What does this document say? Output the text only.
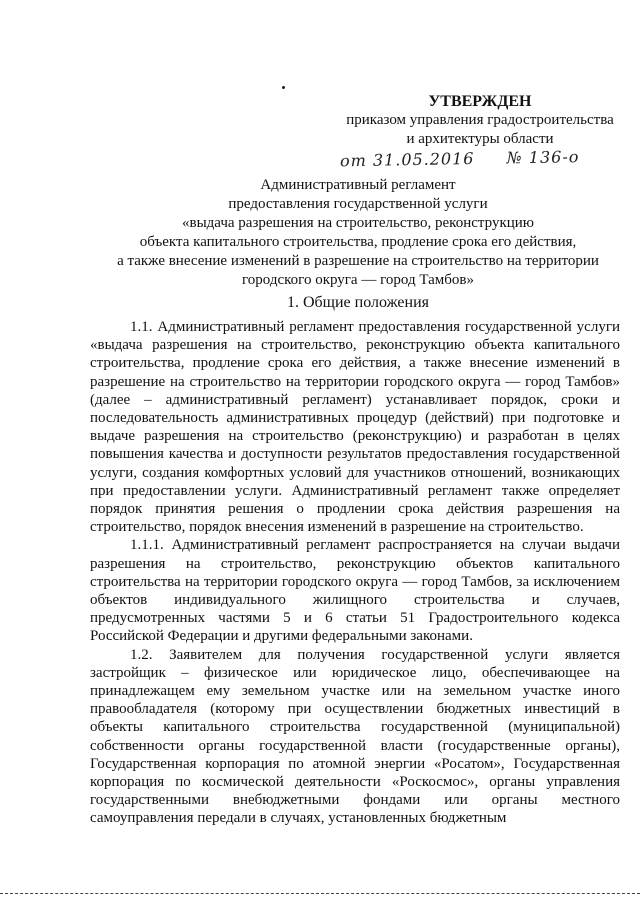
УТВЕРЖДЕН
приказом управления градостроительства
и архитектуры области
от 31.05.2016 № 136-о
Административный регламент
предоставления государственной услуги
«выдача разрешения на строительство, реконструкцию
объекта капитального строительства, продление срока его действия,
а также внесение изменений в разрешение на строительство на территории
городского округа — город Тамбов»
1. Общие положения

1.1. Административный регламент предоставления государственной услуги «выдача разрешения на строительство, реконструкцию объекта капитального строительства, продление срока его действия, а также внесение изменений в разрешение на строительство на территории городского округа — город Тамбов» (далее – административный регламент) устанавливает порядок, сроки и последовательность административных процедур (действий) при подготовке и выдаче разрешения на строительство (реконструкцию) и разработан в целях повышения качества и доступности результатов предоставления государственной услуги, создания комфортных условий для участников отношений, возникающих при предоставлении услуги. Административный регламент также определяет порядок принятия решения о продлении срока действия разрешения на строительство, порядок внесения изменений в разрешение на строительство.

1.1.1. Административный регламент распространяется на случаи выдачи разрешения на строительство, реконструкцию объектов капитального строительства на территории городского округа — город Тамбов, за исключением объектов индивидуального жилищного строительства и случаев, предусмотренных частями 5 и 6 статьи 51 Градостроительного кодекса Российской Федерации и другими федеральными законами.

1.2. Заявителем для получения государственной услуги является застройщик – физическое или юридическое лицо, обеспечивающее на принадлежащем ему земельном участке или на земельном участке иного правообладателя (которому при осуществлении бюджетных инвестиций в объекты капитального строительства государственной (муниципальной) собственности органы государственной власти (государственные органы), Государственная корпорация по атомной энергии «Росатом», Государственная корпорация по космической деятельности «Роскосмос», органы управления государственными внебюджетными фондами или органы местного самоуправления передали в случаях, установленных бюджетным
